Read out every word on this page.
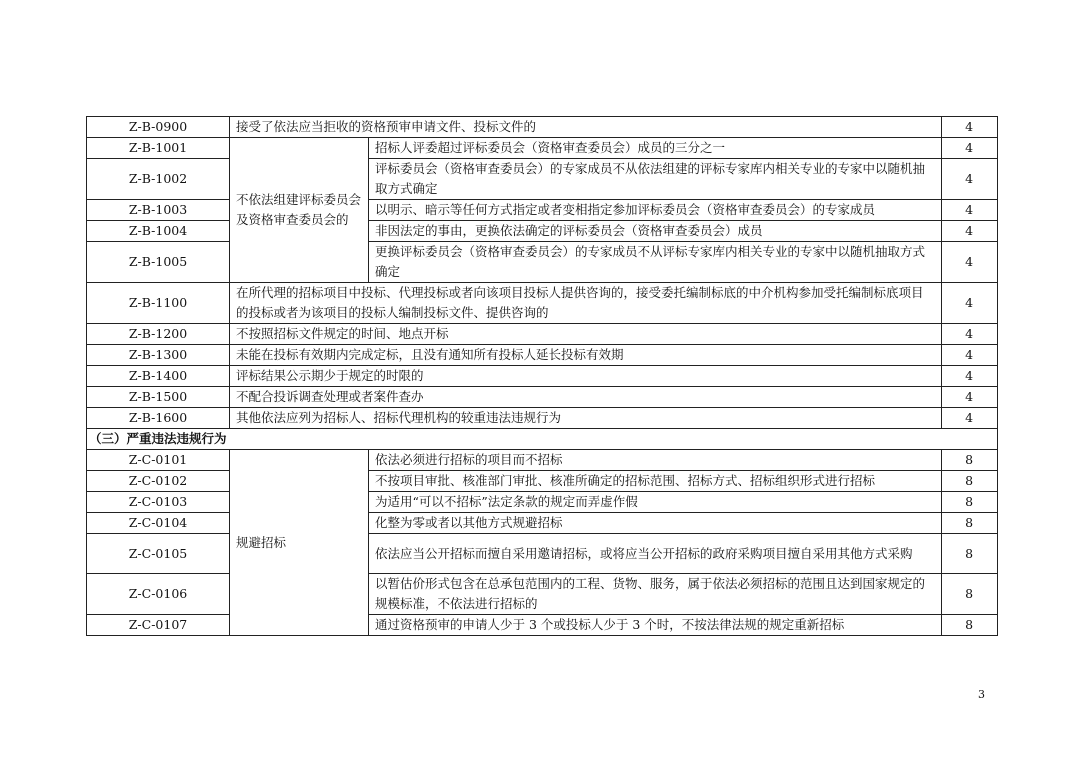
Z-B-0900	接受了依法应当拒收的资格预审申请文件、投标文件的		4
Z-B-1001	不依法组建评标委员会及资格审查委员会的	招标人评委超过评标委员会（资格审查委员会）成员的三分之一	4
Z-B-1002		评标委员会（资格审查委员会）的专家成员不从依法组建的评标专家库内相关专业的专家中以随机抽取方式确定	4
Z-B-1003		以明示、暗示等任何方式指定或者变相指定参加评标委员会（资格审查委员会）的专家成员	4
Z-B-1004		非因法定的事由，更换依法确定的评标委员会（资格审查委员会）成员	4
Z-B-1005		更换评标委员会（资格审查委员会）的专家成员不从评标专家库内相关专业的专家中以随机抽取方式确定	4
Z-B-1100	在所代理的招标项目中投标、代理投标或者向该项目投标人提供咨询的，接受委托编制标底的中介机构参加受托编制标底项目的投标或者为该项目的投标人编制投标文件、提供咨询的		4
Z-B-1200	不按照招标文件规定的时间、地点开标		4
Z-B-1300	未能在投标有效期内完成定标，且没有通知所有投标人延长投标有效期		4
Z-B-1400	评标结果公示期少于规定的时限的		4
Z-B-1500	不配合投诉调查处理或者案件查办		4
Z-B-1600	其他依法应列为招标人、招标代理机构的较重违法违规行为		4
（三）严重违法违规行为			
Z-C-0101	规避招标	依法必须进行招标的项目而不招标	8
Z-C-0102		不按项目审批、核准部门审批、核准所确定的招标范围、招标方式、招标组织形式进行招标	8
Z-C-0103		为适用“可以不招标”法定条款的规定而弄虚作假	8
Z-C-0104		化整为零或者以其他方式规避招标	8
Z-C-0105		依法应当公开招标而擅自采用邀请招标，或将应当公开招标的政府采购项目擅自采用其他方式采购	8
Z-C-0106		以暂估价形式包含在总承包范围内的工程、货物、服务，属于依法必须招标的范围且达到国家规定的规模标准，不依法进行招标的	8
Z-C-0107		通过资格预审的申请人少于 3 个或投标人少于 3 个时，不按法律法规的规定重新招标	8
3
